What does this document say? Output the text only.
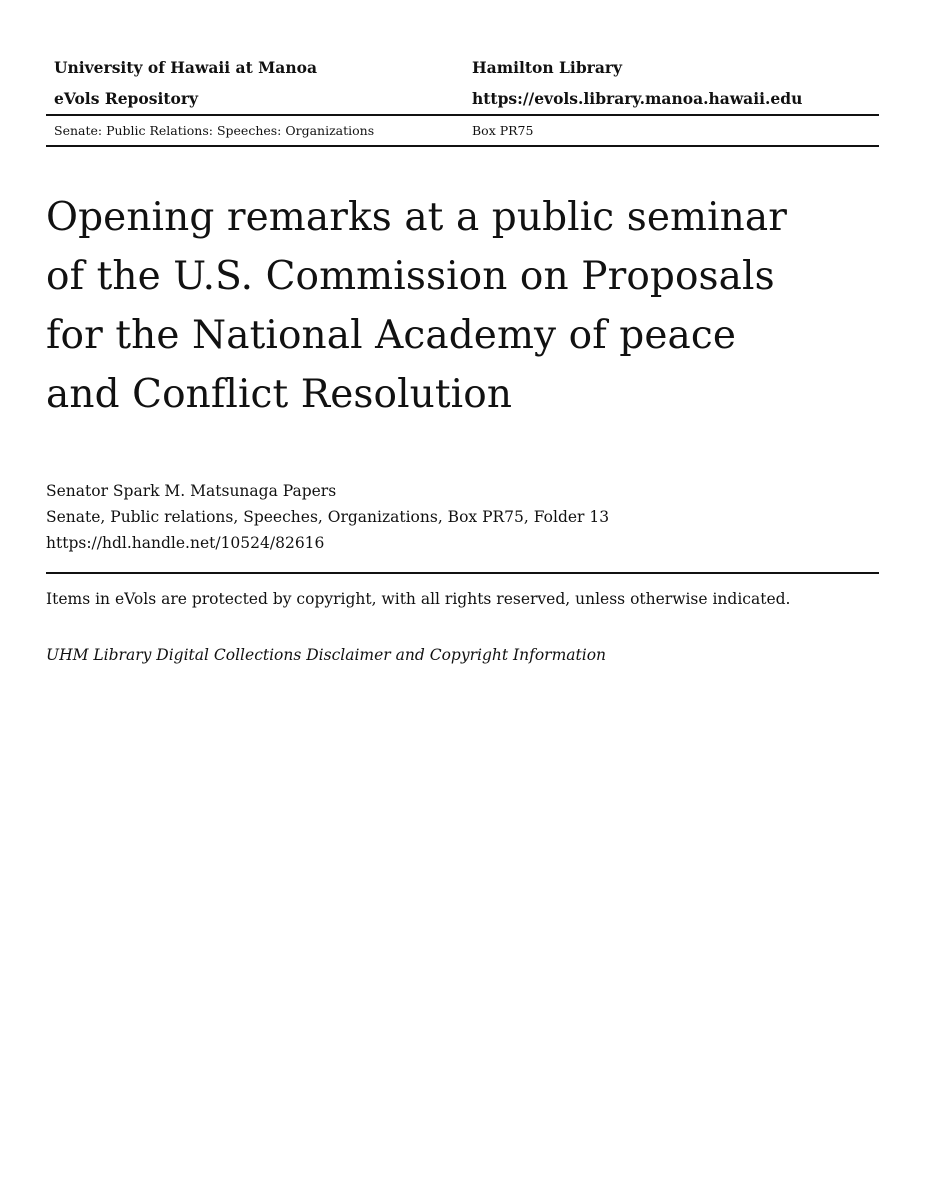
University of Hawaii at Manoa	Hamilton Library
eVols Repository	https://evols.library.manoa.hawaii.edu
Senate: Public Relations: Speeches: Organizations	Box PR75
Opening remarks at a public seminar
of the U.S. Commission on Proposals
for the National Academy of peace
and Conflict Resolution
Senator Spark M. Matsunaga Papers
Senate, Public relations, Speeches, Organizations, Box PR75, Folder 13
https://hdl.handle.net/10524/82616
Items in eVols are protected by copyright, with all rights reserved, unless otherwise indicated.
UHM Library Digital Collections Disclaimer and Copyright Information
